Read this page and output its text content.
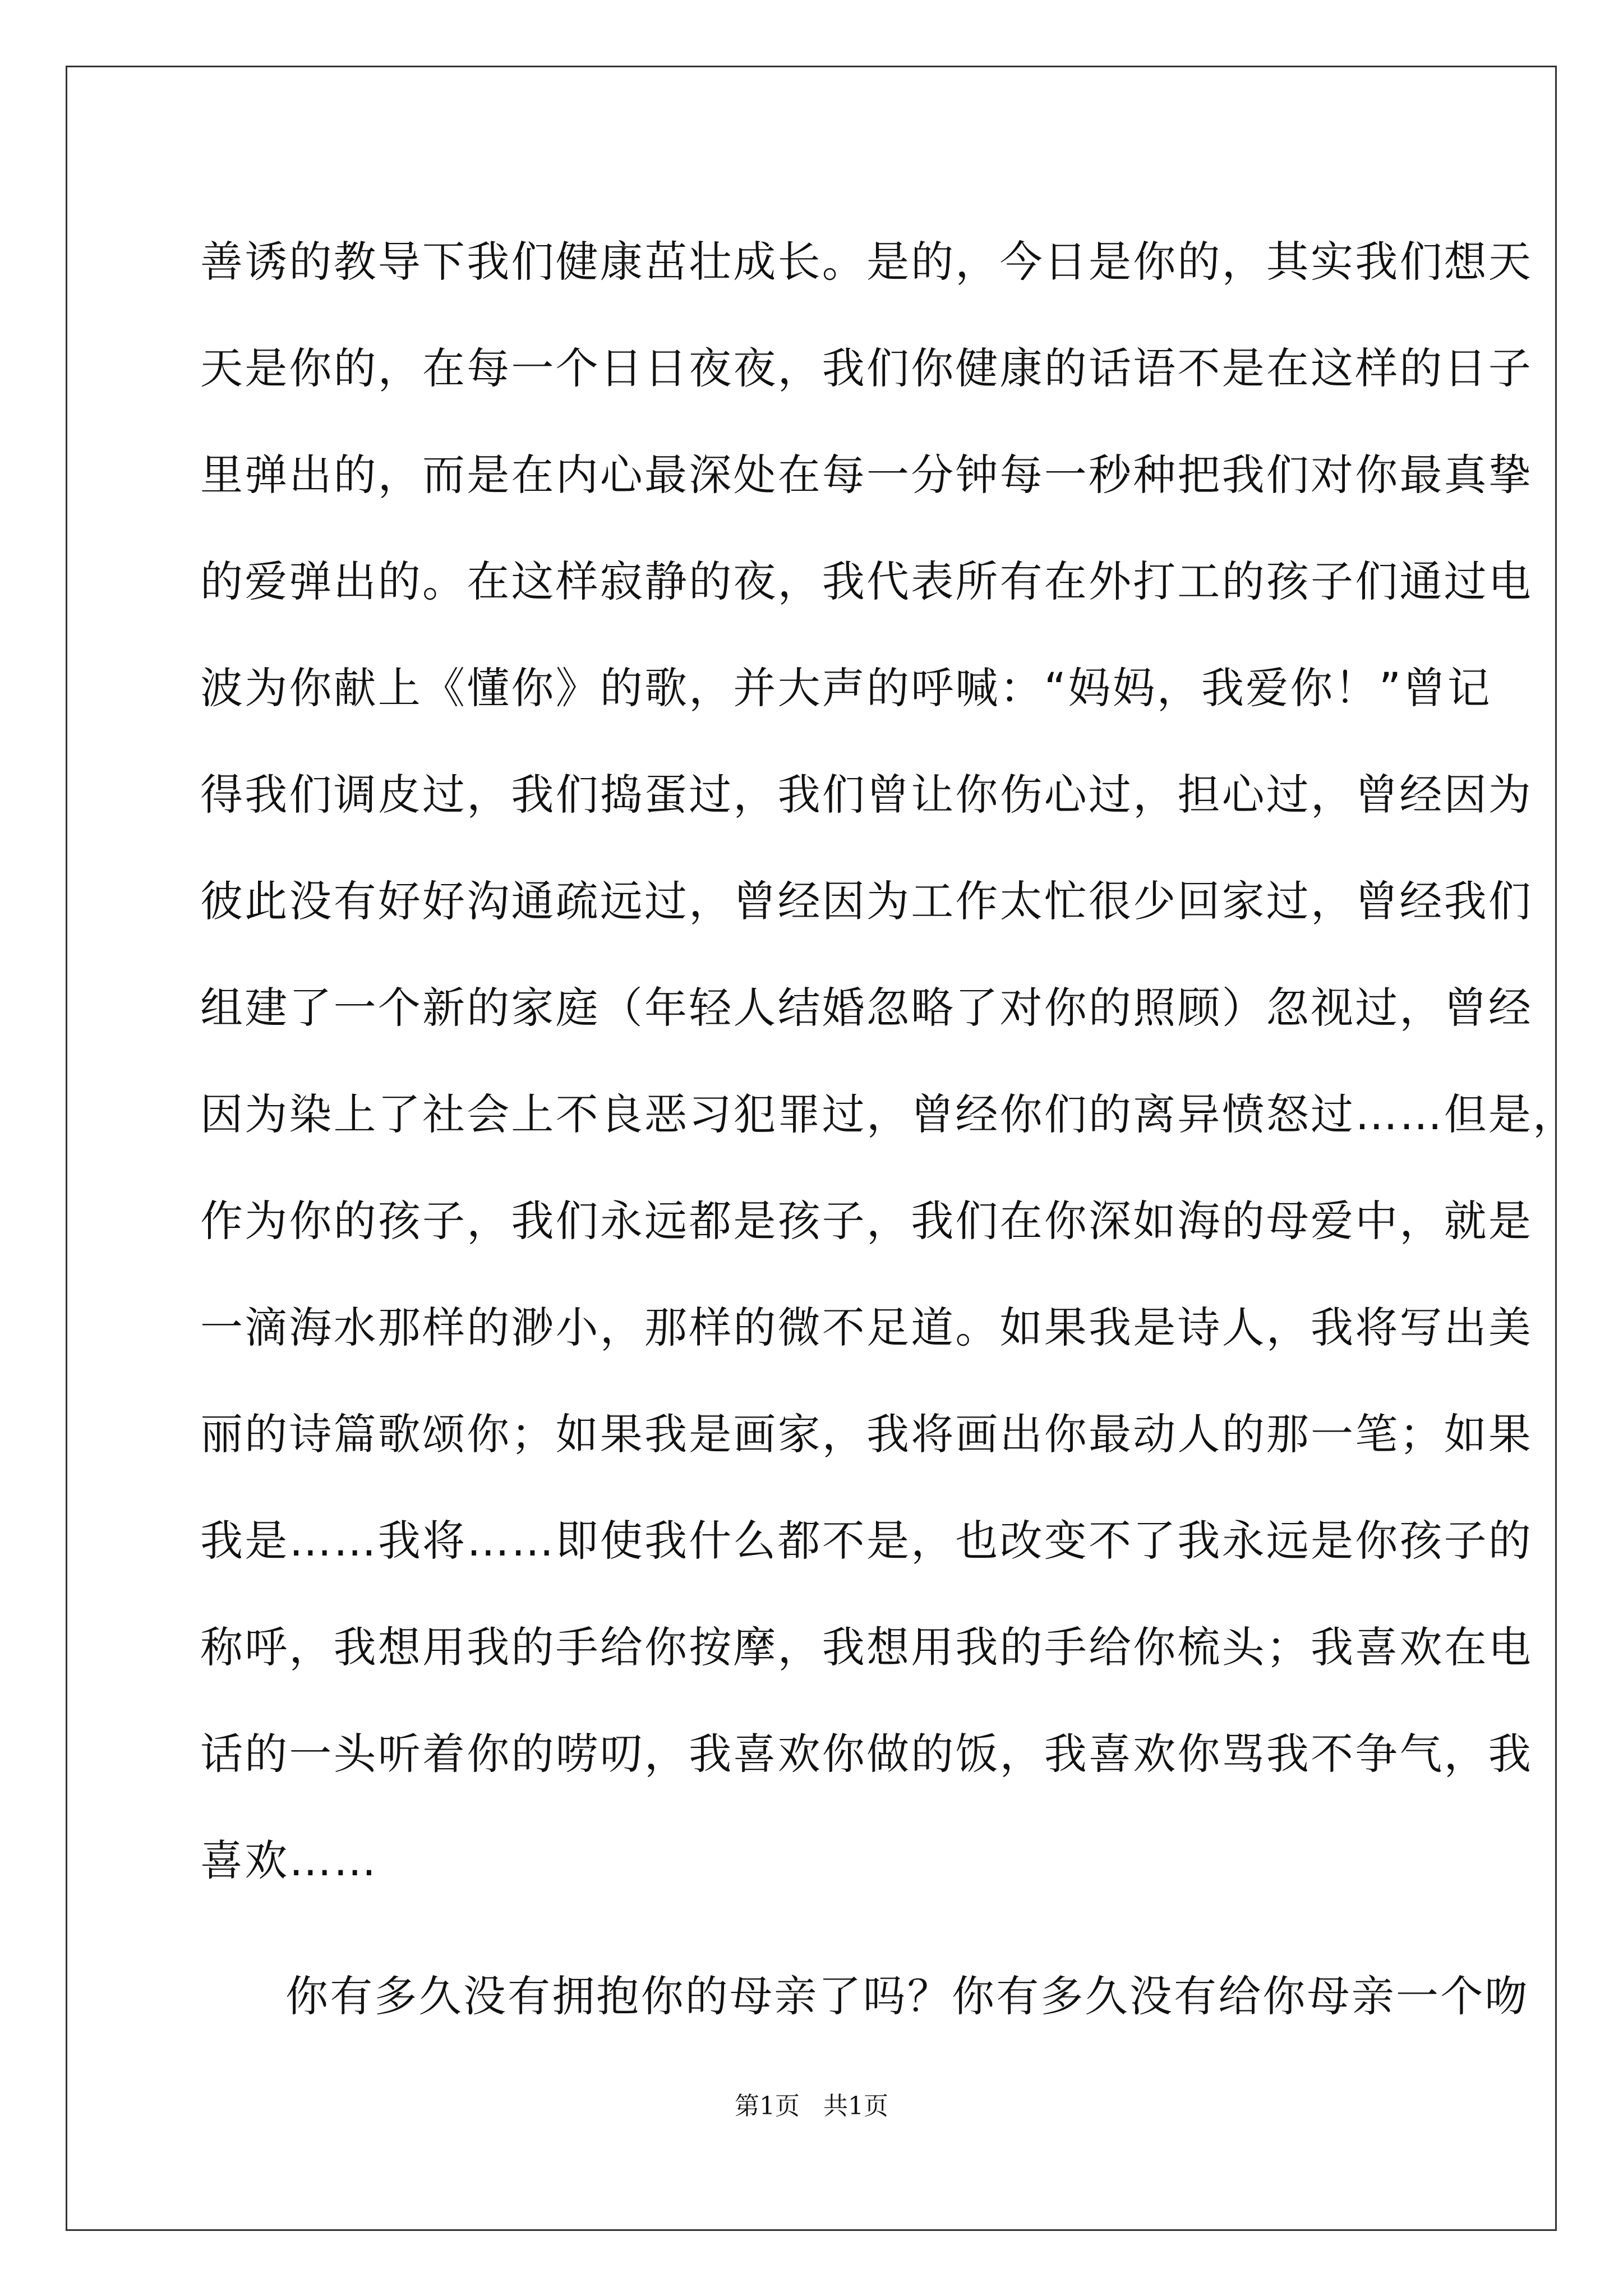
善诱的教导下我们健康茁壮成长。是的，今日是你的，其实我们想天
天是你的，在每一个日日夜夜，我们你健康的话语不是在这样的日子
里弹出的，而是在内心最深处在每一分钟每一秒种把我们对你最真挚
的爱弹出的。在这样寂静的夜，我代表所有在外打工的孩子们通过电
波为你献上《懂你》的歌，并大声的呼喊：“妈妈，我爱你！”曾记
得我们调皮过，我们捣蛋过，我们曾让你伤心过，担心过，曾经因为
彼此没有好好沟通疏远过，曾经因为工作太忙很少回家过，曾经我们
组建了一个新的家庭（年轻人结婚忽略了对你的照顾）忽视过，曾经
因为染上了社会上不良恶习犯罪过，曾经你们的离异愤怒过……但是，
作为你的孩子，我们永远都是孩子，我们在你深如海的母爱中，就是
一滴海水那样的渺小，那样的微不足道。如果我是诗人，我将写出美
丽的诗篇歌颂你；如果我是画家，我将画出你最动人的那一笔；如果
我是……我将……即使我什么都不是，也改变不了我永远是你孩子的
称呼，我想用我的手给你按摩，我想用我的手给你梳头；我喜欢在电
话的一头听着你的唠叨，我喜欢你做的饭，我喜欢你骂我不争气，我
喜欢……
你有多久没有拥抱你的母亲了吗？你有多久没有给你母亲一个吻
第1页 共1页
